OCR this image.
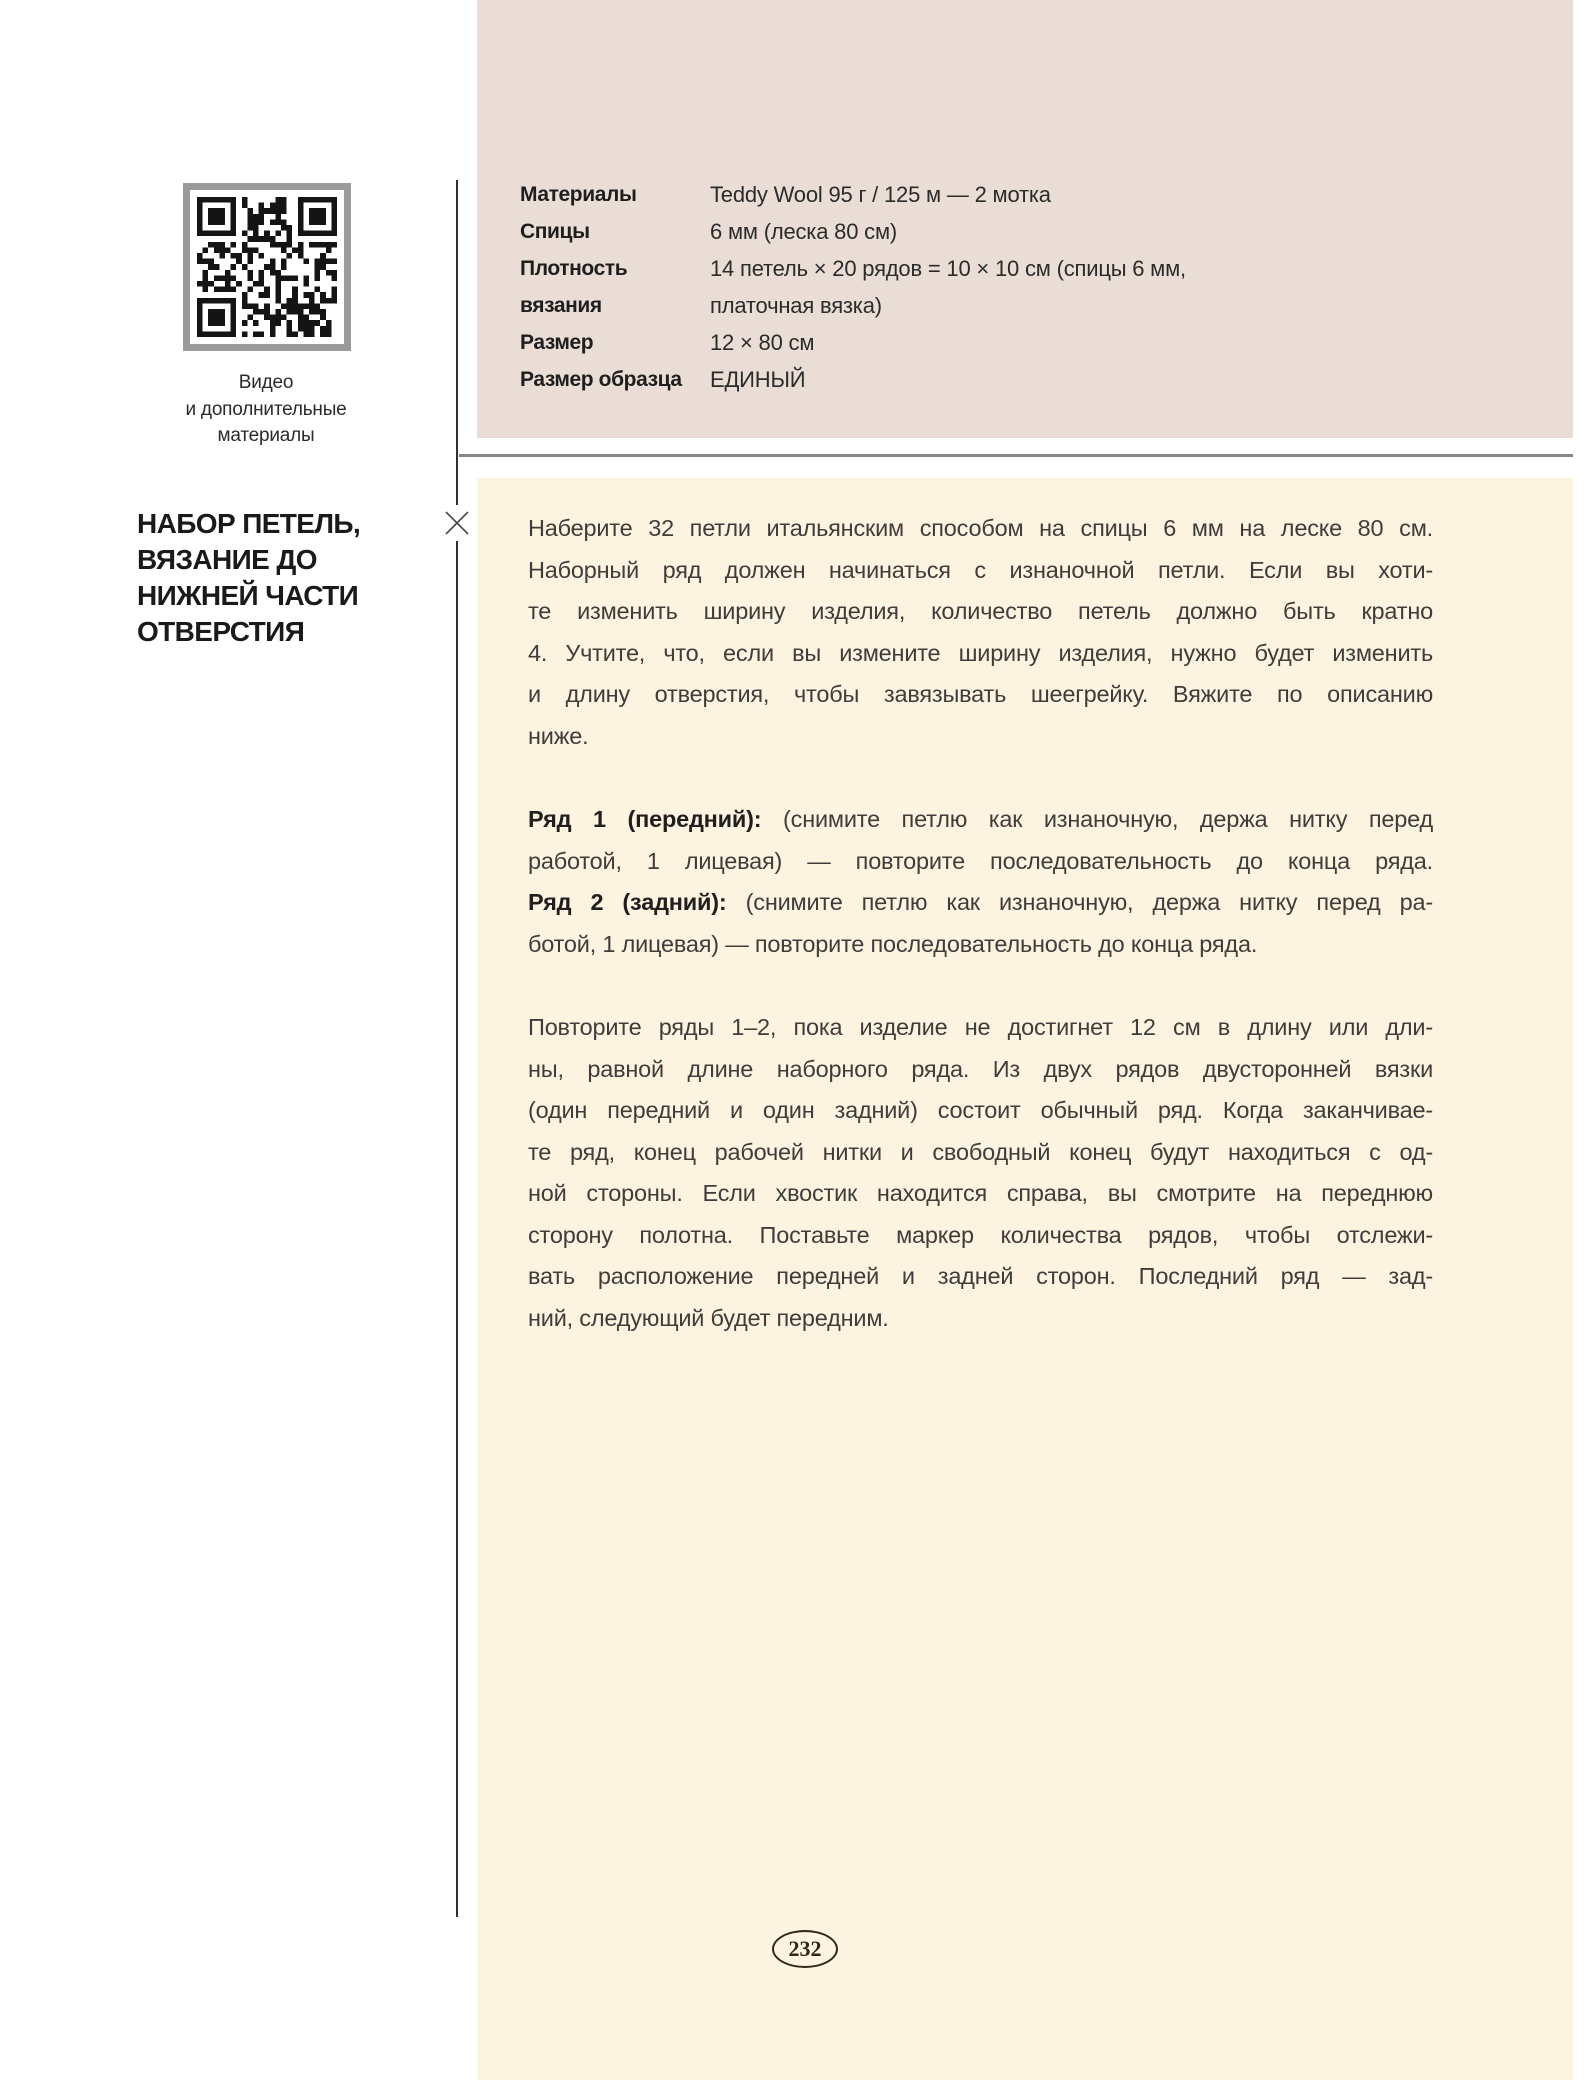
Материалы	Teddy Wool 95 г / 125 м — 2 мотка
Спицы	6 мм (леска 80 см)
Плотность вязания
14 петель × 20 рядов = 10 × 10 см (спицы 6 мм,
платочная вязка)
Размер	12 × 80 см
Размер образца	ЕДИНЫЙ
Наберите 32 петли итальянским способом на спицы 6 мм на леске 80 см.
Наборный ряд должен начинаться с изнаночной петли. Если вы хоти-
те изменить ширину изделия, количество петель должно быть кратно
4. Учтите, что, если вы измените ширину изделия, нужно будет изменить
и длину отверстия, чтобы завязывать шеегрейку. Вяжите по описанию
ниже.
Ряд 1 (передний): (снимите петлю как изнаночную, держа нитку перед
работой, 1 лицевая) — повторите последовательность до конца ряда.
Ряд 2 (задний): (снимите петлю как изнаночную, держа нитку перед ра-
ботой, 1 лицевая) — повторите последовательность до конца ряда.
Повторите ряды 1–2, пока изделие не достигнет 12 см в длину или дли-
ны, равной длине наборного ряда. Из двух рядов двусторонней вязки
(один передний и один задний) состоит обычный ряд. Когда заканчивае-
те ряд, конец рабочей нитки и свободный конец будут находиться с од-
ной стороны. Если хвостик находится справа, вы смотрите на переднюю
сторону полотна. Поставьте маркер количества рядов, чтобы отслежи-
вать расположение передней и задней сторон. Последний ряд — зад-
ний, следующий будет передним.
Видео
и дополнительные
материалы
НАБОР ПЕТЕЛЬ,
ВЯЗАНИЕ ДО
НИЖНЕЙ ЧАСТИ
ОТВЕРСТИЯ
232
